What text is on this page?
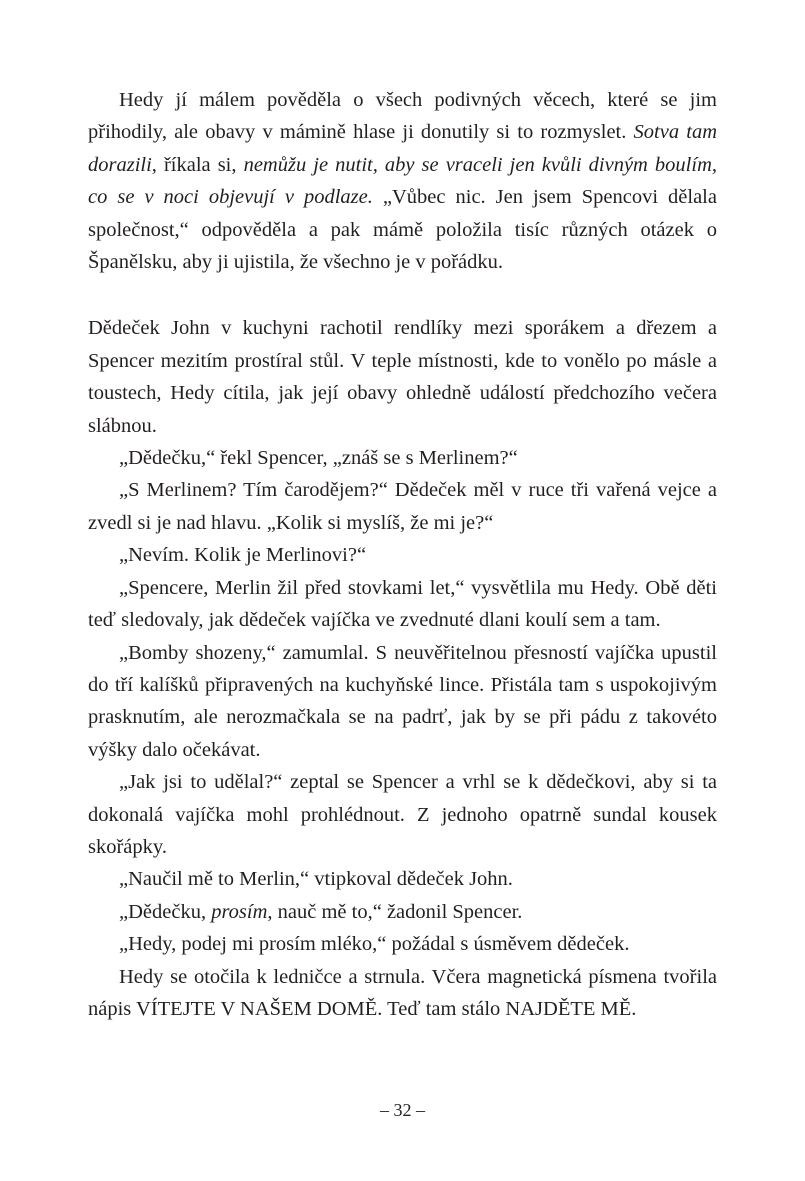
Hedy jí málem pověděla o všech podivných věcech, které se jim přihodily, ale obavy v mámině hlase ji donutily si to rozmyslet. Sotva tam dorazili, říkala si, nemůžu je nutit, aby se vraceli jen kvůli divným boulím, co se v noci objevují v podlaze. „Vůbec nic. Jen jsem Spencovi dělala společnost,“ odpověděla a pak mámě položila tisíc různých otázek o Španělsku, aby ji ujistila, že všechno je v pořádku.

Dědeček John v kuchyni rachotil rendlíky mezi sporákem a dřezem a Spencer mezitím prostíral stůl. V teple místnosti, kde to vonělo po másle a toustech, Hedy cítila, jak její obavy ohledně událostí předchozího večera slábnou.

„Dědečku,“ řekl Spencer, „znáš se s Merlinem?“

„S Merlinem? Tím čarodějem?“ Dědeček měl v ruce tři vařená vejce a zvedl si je nad hlavu. „Kolik si myslíš, že mi je?“

„Nevím. Kolik je Merlinovi?“

„Spencere, Merlin žil před stovkami let,“ vysvětlila mu Hedy. Obě děti teď sledovaly, jak dědeček vajíčka ve zvednuté dlani koulí sem a tam.

„Bomby shozeny,“ zamumlal. S neuvěřitelnou přesností vajíčka upustil do tří kalíšků připravených na kuchyňské lince. Přistála tam s uspokojivým prasknutím, ale nerozmačkala se na padrť, jak by se při pádu z takovéto výšky dalo očekávat.

„Jak jsi to udělal?“ zeptal se Spencer a vrhl se k dědečkovi, aby si ta dokonalá vajíčka mohl prohlédnout. Z jednoho opatrně sundal kousek skořápky.

„Naučil mě to Merlin,“ vtipkoval dědeček John.

„Dědečku, prosím, nauč mě to,“ žadonil Spencer.

„Hedy, podej mi prosím mléko,“ požádal s úsměvem dědeček.

Hedy se otočila k ledničce a strnula. Včera magnetická písmena tvořila nápis VÍTEJTE V NAŠEM DOMĚ. Teď tam stálo NAJDĚTE MĚ.

– 32 –
